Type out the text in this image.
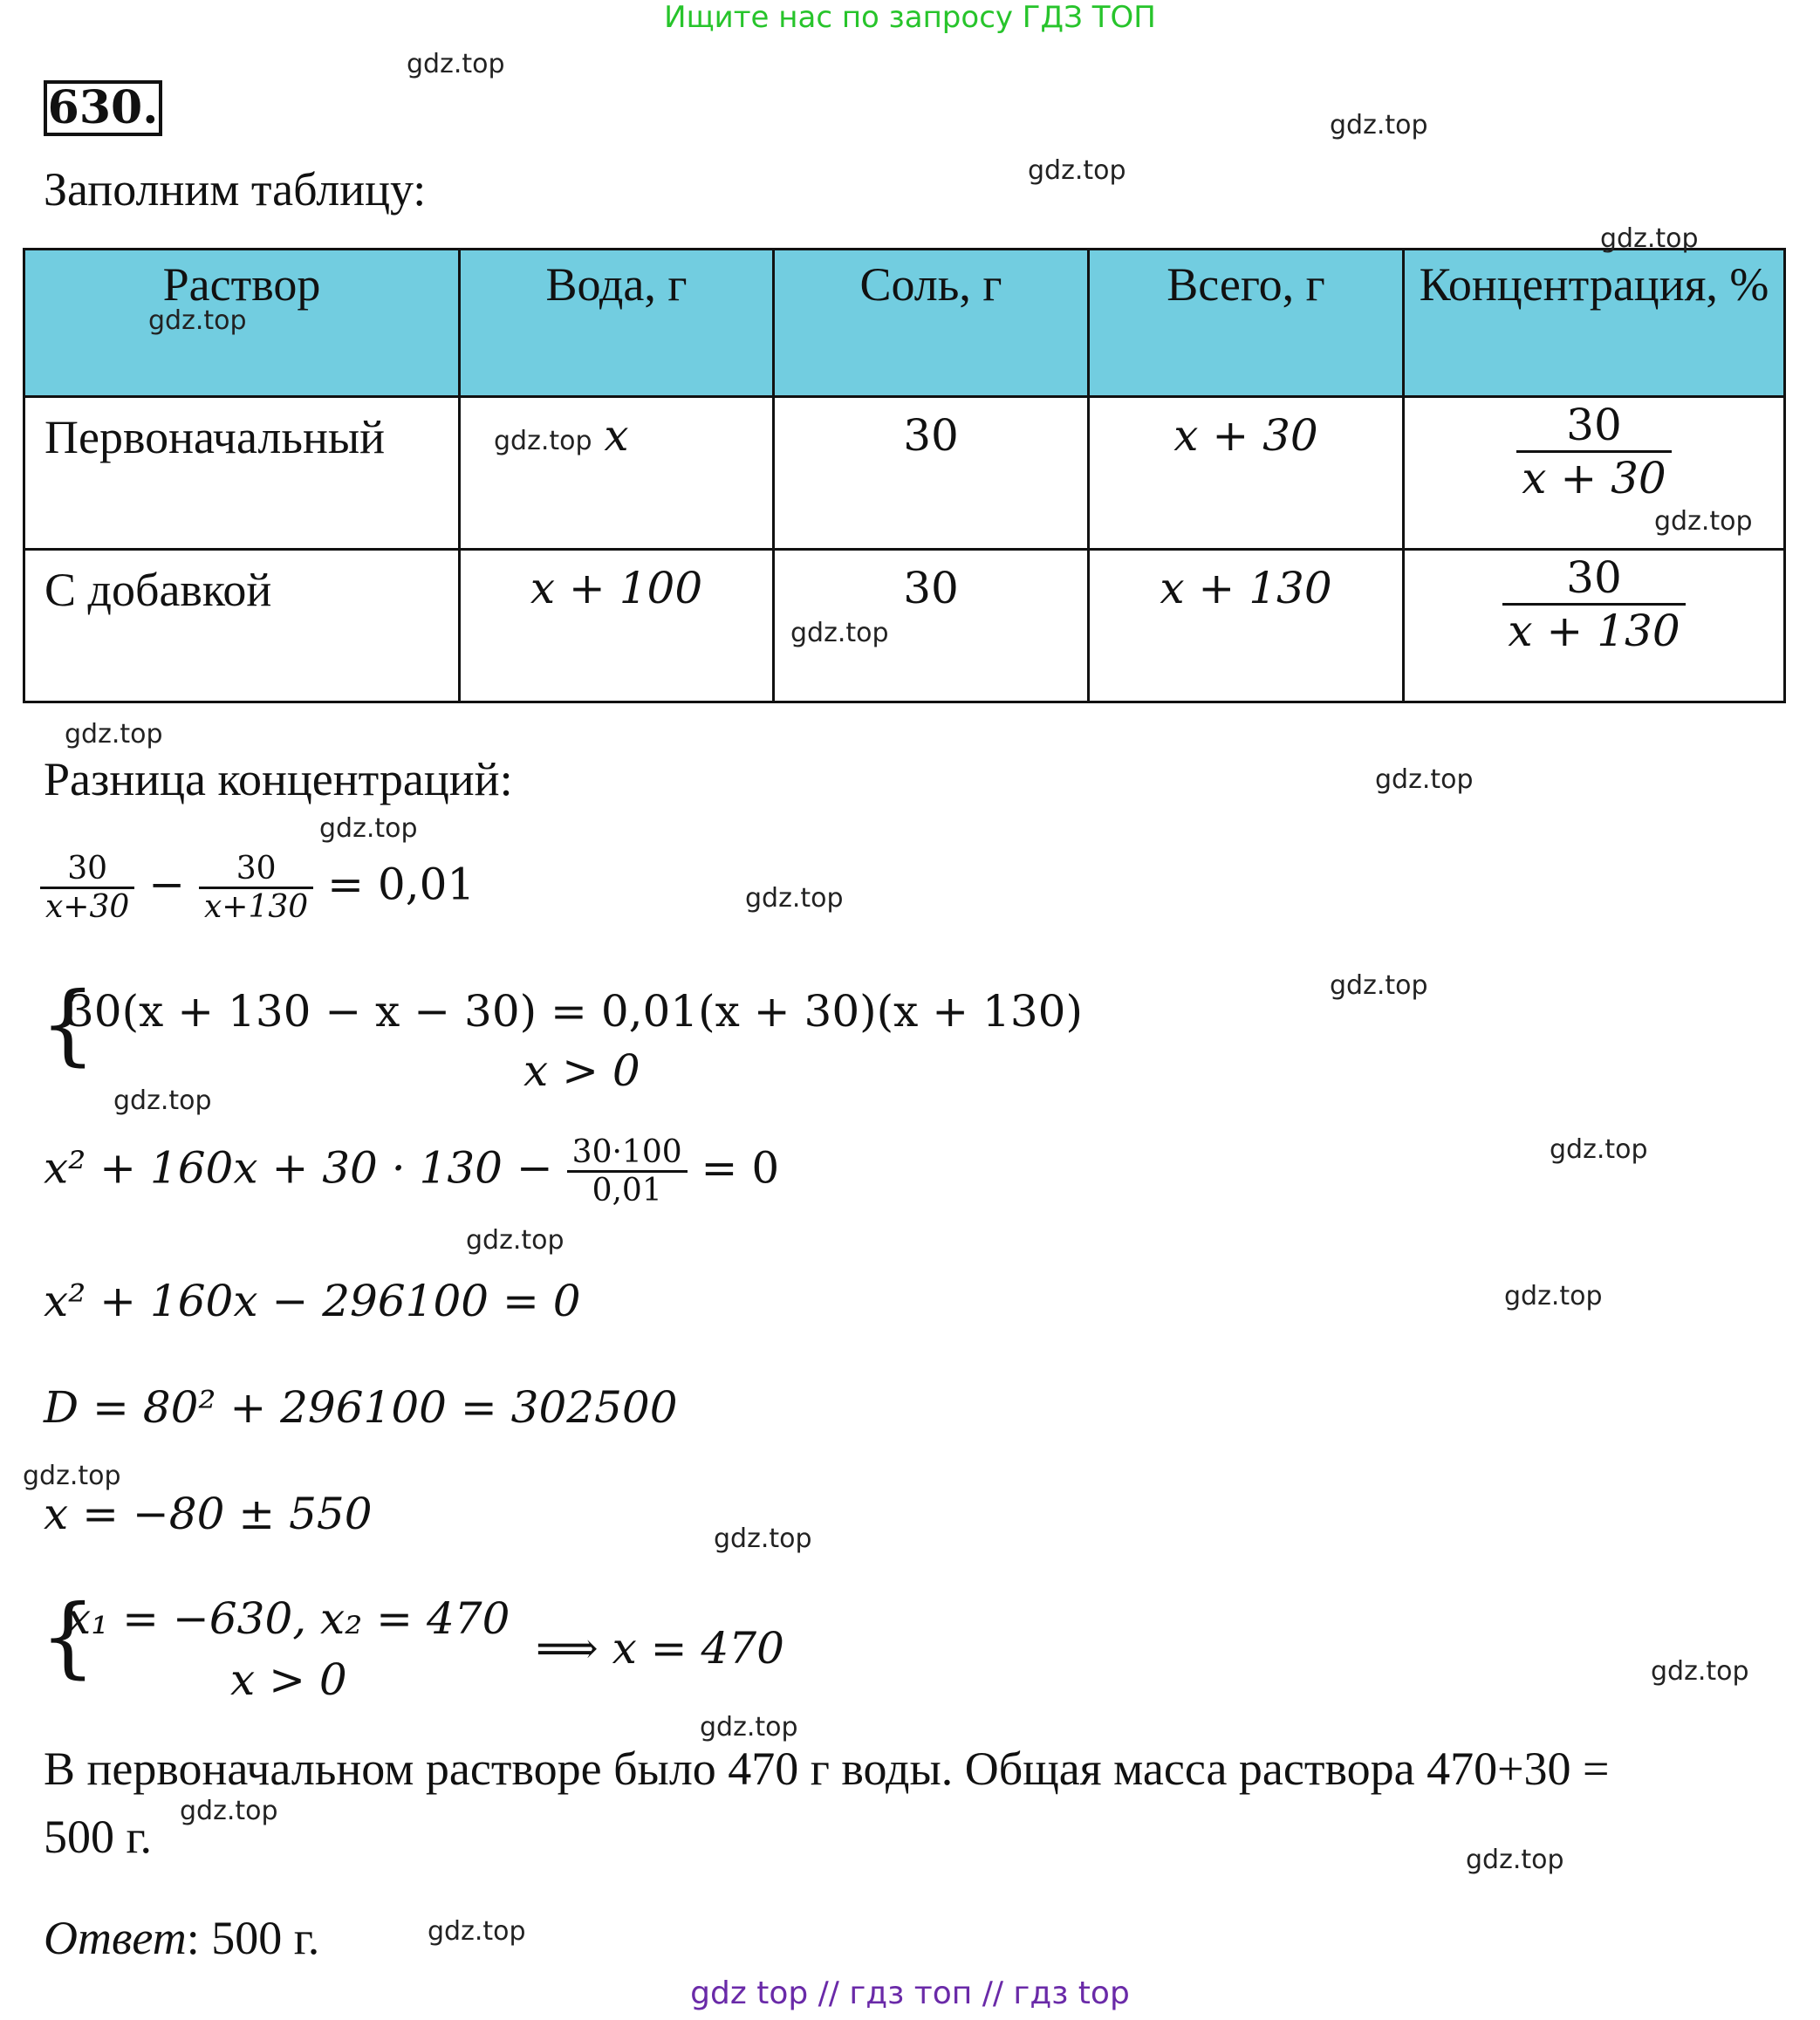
Ищите нас по запросу ГДЗ ТОП
630.
Заполним таблицу:
Раствор	Вода, г	Соль, г	Всего, г	Концентрация, %
Первоначальный	x	30	x + 30	$\frac{30}{x + 30}$

С добавкой	x + 100	30	x + 130	$\frac{30}{x + 130}$
Разница концентраций:
$\frac{30}{x+30} - \frac{30}{x+130} = 0,01$
{
30(x + 130 − x − 30) = 0,01(x + 30)(x + 130)
x > 0
$x^2 + 160x + 30 \cdot 130 - \frac{30\cdot 100}{0,01} = 0$
x² + 160x − 296100 = 0
D = 80² + 296100 = 302500
x = −80 ± 550
{
x₁ = −630, x₂ = 470
x > 0
⟹ x = 470
В первоначальном растворе было 470 г воды. Общая масса раствора 470+30 =
500 г.
Ответ: 500 г.
gdz.top
gdz.top
gdz.top
gdz.top
gdz.top
gdz.top
gdz.top
gdz.top
gdz.top
gdz.top
gdz.top
gdz.top
gdz.top
gdz.top
gdz.top
gdz.top
gdz.top
gdz.top
gdz.top
gdz.top
gdz.top
gdz.top
gdz.top
gdz.top
gdz top // гдз топ // гдз top
